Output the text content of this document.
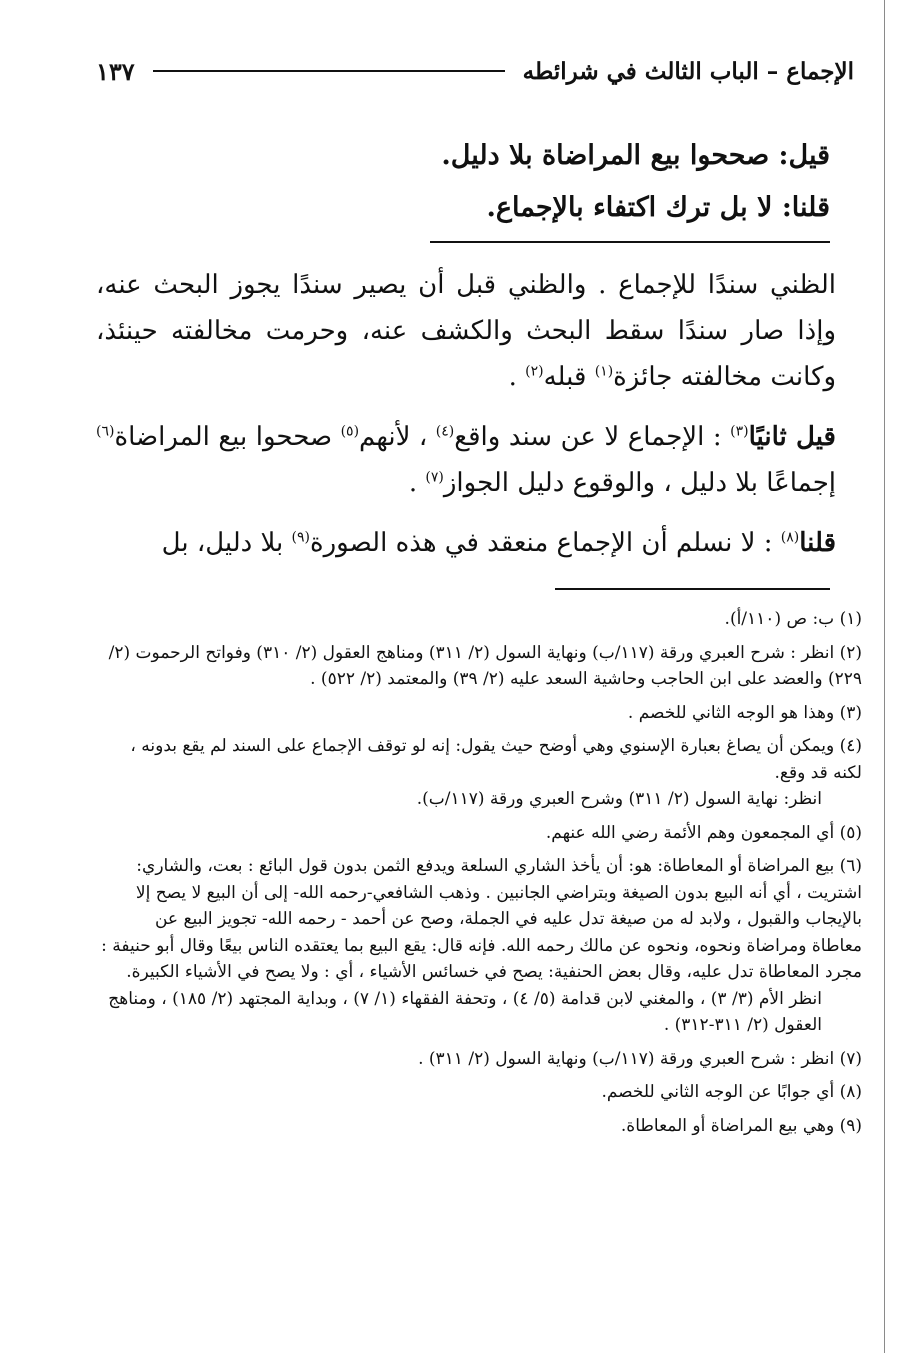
الإجماع – الباب الثالث في شرائطه
١٣٧
قيل: صححوا بيع المراضاة بلا دليل.
قلنا: لا بل ترك اكتفاء بالإجماع.

الظني سندًا للإجماع . والظني قبل أن يصير سندًا يجوز البحث عنه، وإذا صار سندًا سقط البحث والكشف عنه، وحرمت مخالفته حينئذ، وكانت مخالفته جائزة$^{(١)}$ قبله$^{(٢)}$ .

قيل ثانيًا$^{(٣)}$ : الإجماع لا عن سند واقع$^{(٤)}$ ، لأنهم$^{(٥)}$ صححوا بيع المراضاة$^{(٦)}$ إجماعًا بلا دليل ، والوقوع دليل الجواز$^{(٧)}$ .

قلنا$^{(٨)}$ : لا نسلم أن الإجماع منعقد في هذه الصورة$^{(٩)}$ بلا دليل، بل

(١) ب: ص (١١٠/أ).
(٢) انظر : شرح العبري ورقة (١١٧/ب) ونهاية السول (٢/ ٣١١) ومناهج العقول (٢/ ٣١٠) وفواتح الرحموت (٢/ ٢٢٩) والعضد على ابن الحاجب وحاشية السعد عليه (٢/ ٣٩) والمعتمد (٢/ ٥٢٢) .
(٣) وهذا هو الوجه الثاني للخصم .
(٤) ويمكن أن يصاغ بعبارة الإسنوي وهي أوضح حيث يقول: إنه لو توقف الإجماع على السند لم يقع بدونه ، لكنه قد وقع.
انظر: نهاية السول (٢/ ٣١١) وشرح العبري ورقة (١١٧/ب).
(٥) أي المجمعون وهم الأئمة رضي الله عنهم.
(٦) بيع المراضاة أو المعاطاة: هو: أن يأخذ الشاري السلعة ويدفع الثمن بدون قول البائع : بعت، والشاري: اشتريت ، أي أنه البيع بدون الصيغة وبتراضي الجانبين . وذهب الشافعي-رحمه الله- إلى أن البيع لا يصح إلا بالإيجاب والقبول ، ولابد له من صيغة تدل عليه في الجملة، وصح عن أحمد - رحمه الله- تجويز البيع عن معاطاة ومراضاة ونحوه، ونحوه عن مالك رحمه الله. فإنه قال: يقع البيع بما يعتقده الناس بيعًا وقال أبو حنيفة : مجرد المعاطاة تدل عليه، وقال بعض الحنفية: يصح في خسائس الأشياء ، أي : ولا يصح في الأشياء الكبيرة.
انظر الأم (٣/ ٣) ، والمغني لابن قدامة (٥/ ٤) ، وتحفة الفقهاء (١/ ٧) ، وبداية المجتهد (٢/ ١٨٥) ، ومناهج العقول (٢/ ٣١١-٣١٢) .
(٧) انظر : شرح العبري ورقة (١١٧/ب) ونهاية السول (٢/ ٣١١) .
(٨) أي جوابًا عن الوجه الثاني للخصم.
(٩) وهي بيع المراضاة أو المعاطاة.
